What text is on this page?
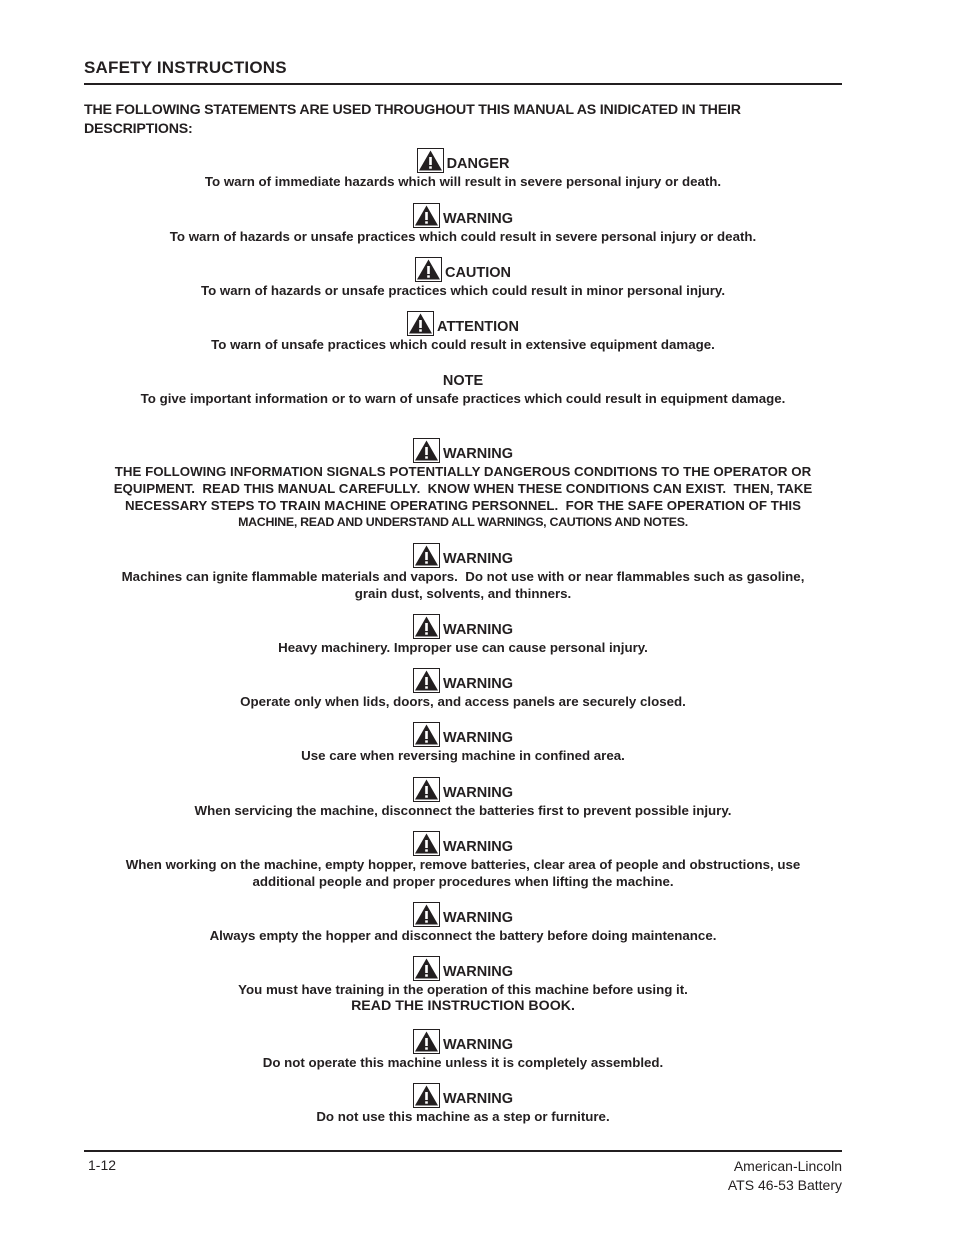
SAFETY INSTRUCTIONS
THE FOLLOWING STATEMENTS ARE USED THROUGHOUT THIS MANUAL AS INIDICATED IN THEIR DESCRIPTIONS:
DANGER
To warn of immediate hazards which will result in severe personal injury or death.
WARNING
To warn of hazards or unsafe practices which could result in severe personal injury or death.
CAUTION
To warn of hazards or unsafe practices which could result in minor personal injury.
ATTENTION
To warn of unsafe practices which could result in extensive equipment damage.
NOTE
To give important information or to warn of unsafe practices which could result in equipment damage.
WARNING
THE FOLLOWING INFORMATION SIGNALS POTENTIALLY DANGEROUS CONDITIONS TO THE OPERATOR OR
EQUIPMENT.  READ THIS MANUAL CAREFULLY.  KNOW WHEN THESE CONDITIONS CAN EXIST.  THEN, TAKE
NECESSARY STEPS TO TRAIN MACHINE OPERATING PERSONNEL.  FOR THE SAFE OPERATION OF THIS
MACHINE, READ AND UNDERSTAND ALL WARNINGS, CAUTIONS AND NOTES.
WARNING
Machines can ignite flammable materials and vapors.  Do not use with or near flammables such as gasoline,
grain dust, solvents, and thinners.
WARNING
Heavy machinery. Improper use can cause personal injury.
WARNING
Operate only when lids, doors, and access panels are securely closed.
WARNING
Use care when reversing machine in confined area.
WARNING
When servicing the machine, disconnect the batteries first to prevent possible injury.
WARNING
When working on the machine, empty hopper, remove batteries, clear area of people and obstructions, use
additional people and proper procedures when lifting the machine.
WARNING
Always empty the hopper and disconnect the battery before doing maintenance.
WARNING
You must have training in the operation of this machine before using it.
READ THE INSTRUCTION BOOK.
WARNING
Do not operate this machine unless it is completely assembled.
WARNING
Do not use this machine as a step or furniture.
1-12	American-Lincoln
ATS 46-53 Battery
